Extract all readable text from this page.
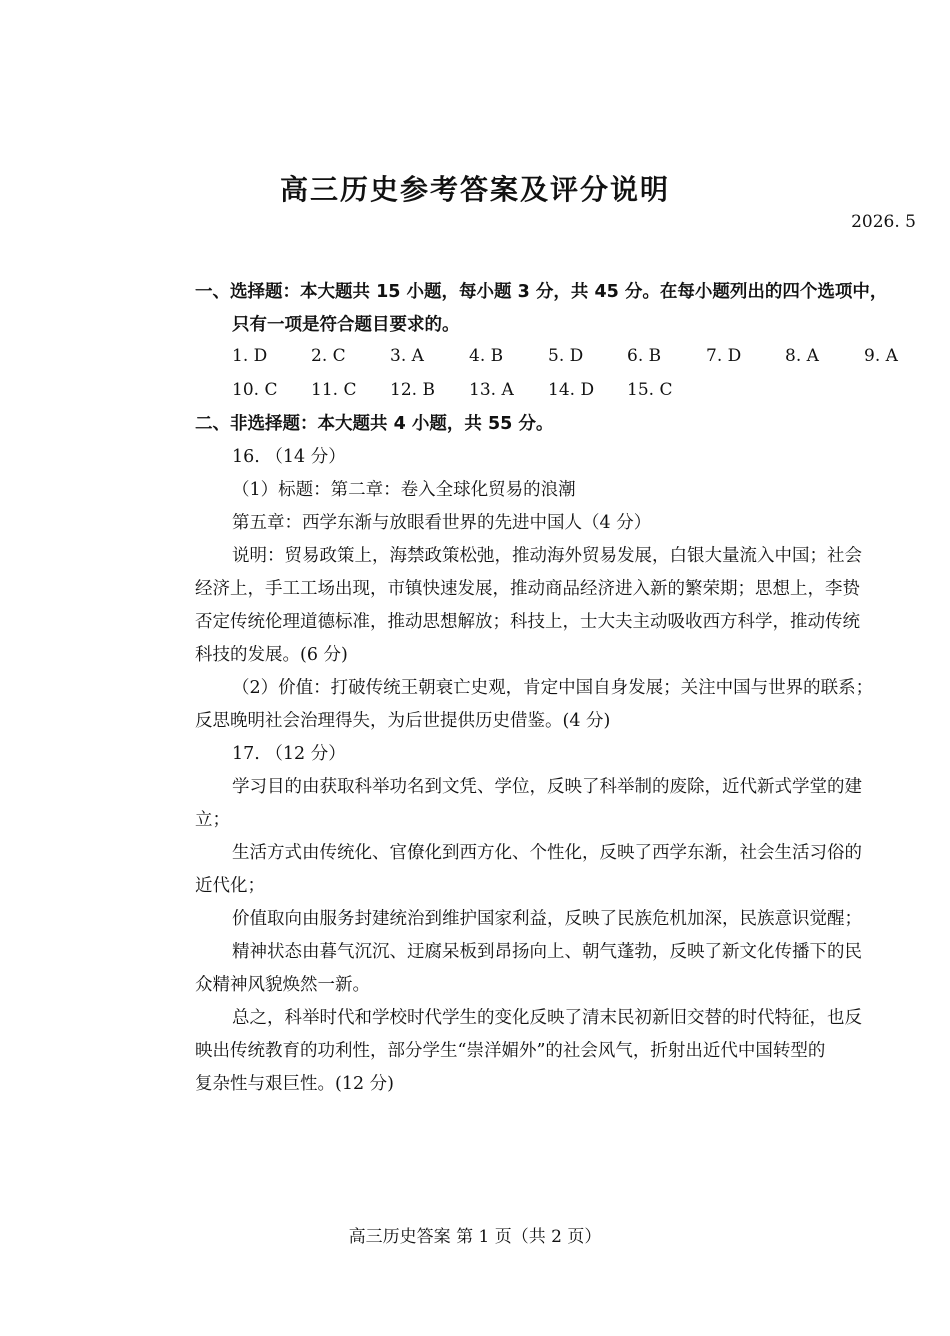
高三历史参考答案及评分说明
2026. 5
一、选择题：本大题共 15 小题，每小题 3 分，共 45 分。在每小题列出的四个选项中，
只有一项是符合题目要求的。
1. D	2. C	3. A	4. B	5. D	6. B	7. D	8. A	9. A
10. C 11. C 12. B 13. A 14. D 15. C
二、非选择题：本大题共 4 小题，共 55 分。
16. （14 分）
（1）标题：第二章：卷入全球化贸易的浪潮
第五章：西学东渐与放眼看世界的先进中国人（4 分）
说明：贸易政策上，海禁政策松弛，推动海外贸易发展，白银大量流入中国；社会
经济上，手工工场出现，市镇快速发展，推动商品经济进入新的繁荣期；思想上，李贽
否定传统伦理道德标准，推动思想解放；科技上，士大夫主动吸收西方科学，推动传统
科技的发展。(6 分)
（2）价值：打破传统王朝衰亡史观，肯定中国自身发展；关注中国与世界的联系；
反思晚明社会治理得失，为后世提供历史借鉴。(4 分)
17. （12 分）
学习目的由获取科举功名到文凭、学位，反映了科举制的废除，近代新式学堂的建
立；
生活方式由传统化、官僚化到西方化、个性化，反映了西学东渐，社会生活习俗的
近代化；
价值取向由服务封建统治到维护国家利益，反映了民族危机加深，民族意识觉醒；
精神状态由暮气沉沉、迂腐呆板到昂扬向上、朝气蓬勃，反映了新文化传播下的民
众精神风貌焕然一新。
总之，科举时代和学校时代学生的变化反映了清末民初新旧交替的时代特征，也反
映出传统教育的功利性，部分学生“崇洋媚外”的社会风气，折射出近代中国转型的
复杂性与艰巨性。(12 分)
高三历史答案 第 1 页（共 2 页）
